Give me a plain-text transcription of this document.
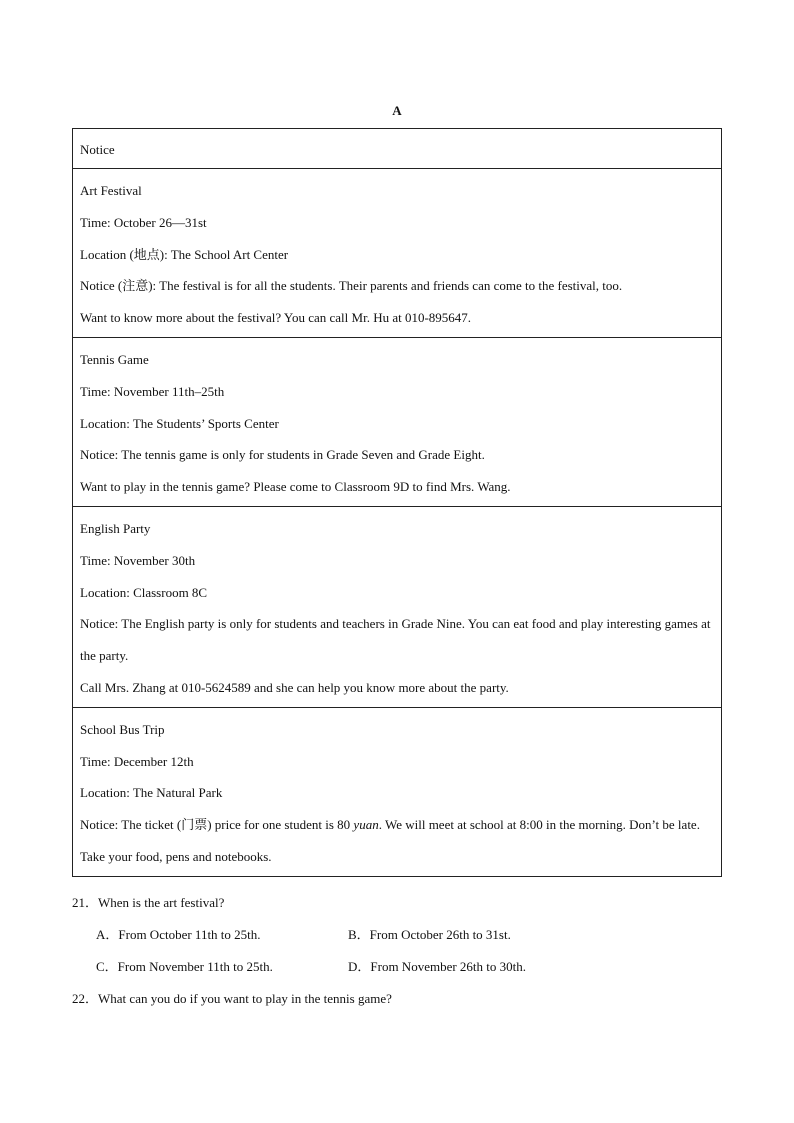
A
Notice

Art Festival
Time: October 26—31st
Location (地点): The School Art Center
Notice (注意): The festival is for all the students. Their parents and friends can come to the festival, too.
Want to know more about the festival? You can call Mr. Hu at 010-895647.

Tennis Game
Time: November 11th–25th
Location: The Students’ Sports Center
Notice: The tennis game is only for students in Grade Seven and Grade Eight.
Want to play in the tennis game? Please come to Classroom 9D to find Mrs. Wang.

English Party
Time: November 30th
Location: Classroom 8C
Notice: The English party is only for students and teachers in Grade Nine. You can eat food and play interesting games at the party.
Call Mrs. Zhang at 010-5624589 and she can help you know more about the party.

School Bus Trip
Time: December 12th
Location: The Natural Park
Notice: The ticket (门票) price for one student is 80 yuan. We will meet at school at 8:00 in the morning. Don’t be late. Take your food, pens and notebooks.
21．When is the art festival?
A．From October 11th to 25th.	B．From October 26th to 31st.
C．From November 11th to 25th.	D．From November 26th to 30th.
22．What can you do if you want to play in the tennis game?
